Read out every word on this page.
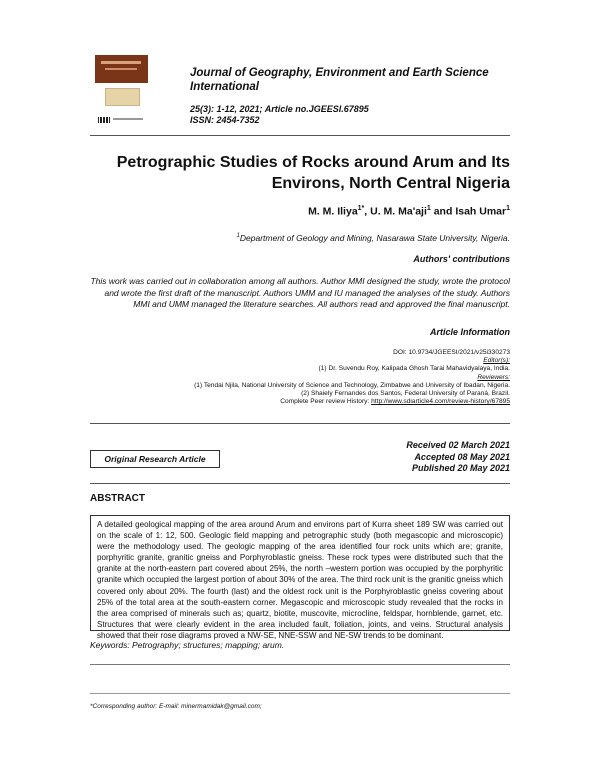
Journal of Geography, Environment and Earth Science International
25(3): 1-12, 2021; Article no.JGEESI.67895
ISSN: 2454-7352
Petrographic Studies of Rocks around Arum and Its Environs, North Central Nigeria
M. M. Iliya$^{1*}$, U. M. Ma'aji$^1$ and Isah Umar$^1$
$^1$Department of Geology and Mining, Nasarawa State University, Nigeria.
Authors' contributions
This work was carried out in collaboration among all authors. Author MMI designed the study, wrote the protocol and wrote the first draft of the manuscript. Authors UMM and IU managed the analyses of the study. Authors MMI and UMM managed the literature searches. All authors read and approved the final manuscript.
Article Information
DOI: 10.9734/JGEESI/2021/v25i330273
Editor(s):
(1) Dr. Suvendu Roy, Kalipada Ghosh Tarai Mahavidyalaya, India.
Reviewers:
(1) Tendai Njila, National University of Science and Technology, Zimbabwe and University of Ibadan, Nigeria.
(2) Shaiely Fernandes dos Santos, Federal University of Paraná, Brazil.
Complete Peer review History: http://www.sdiarticle4.com/review-history/67895
Received 02 March 2021
Accepted 08 May 2021
Published 20 May 2021
Original Research Article
ABSTRACT
A detailed geological mapping of the area around Arum and environs part of Kurra sheet 189 SW was carried out on the scale of 1: 12, 500. Geologic field mapping and petrographic study (both megascopic and microscopic) were the methodology used. The geologic mapping of the area identified four rock units which are; granite, porphyritic granite, granitic gneiss and Porphyroblastic gneiss. These rock types were distributed such that the granite at the north-eastern part covered about 25%, the north –western portion was occupied by the porphyritic granite which occupied the largest portion of about 30% of the area. The third rock unit is the granitic gneiss which covered only about 20%. The fourth (last) and the oldest rock unit is the Porphyroblastic gneiss covering about 25% of the total area at the south-eastern corner. Megascopic and microscopic study revealed that the rocks in the area comprised of minerals such as; quartz, biotite, muscovite, microcline, feldspar, hornblende, garnet, etc. Structures that were clearly evident in the area included fault, foliation, joints, and veins. Structural analysis showed that their rose diagrams proved a NW-SE, NNE-SSW and NE-SW trends to be dominant.
Keywords: Petrography; structures; mapping; arum.
*Corresponding author: E-mail: minermamidak@gmail.com;
